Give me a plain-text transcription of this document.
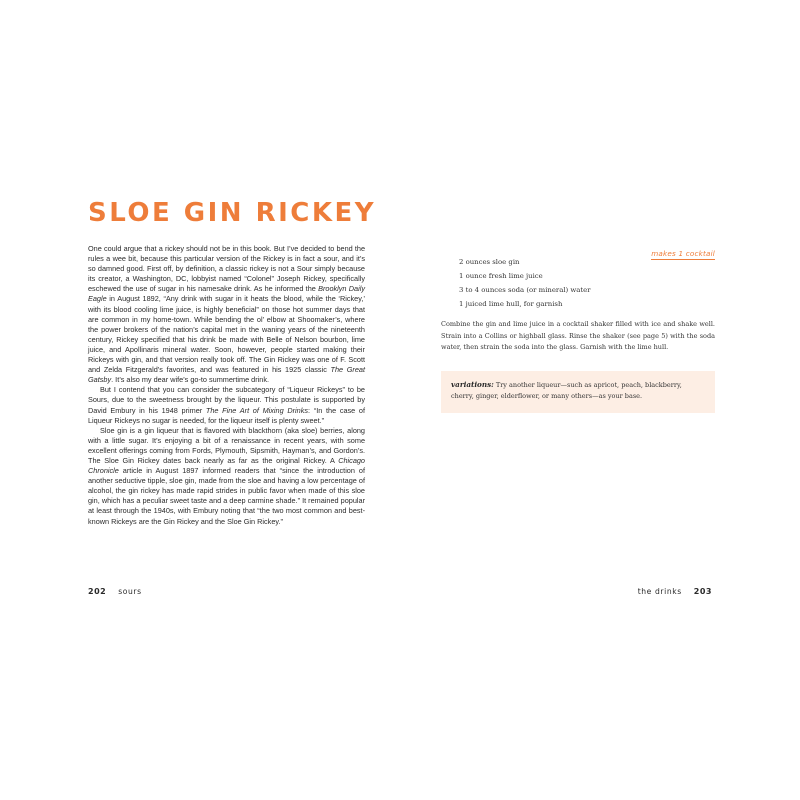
SLOE GIN RICKEY

One could argue that a rickey should not be in this book. But I’ve decided to bend the rules a wee bit, because this particular version of the Rickey is in fact a sour, and it’s so damned good. First off, by definition, a classic rickey is not a Sour simply because its creator, a Washington, DC, lobbyist named “Colonel” Joseph Rickey, specifically eschewed the use of sugar in his namesake drink. As he informed the Brooklyn Daily Eagle in August 1892, “Any drink with sugar in it heats the blood, while the ‘Rickey,’ with its blood cooling lime juice, is highly beneficial” on those hot summer days that are common in my home-town. While bending the ol’ elbow at Shoomaker’s, where the power brokers of the nation’s capital met in the waning years of the nineteenth century, Rickey specified that his drink be made with Belle of Nelson bourbon, lime juice, and Apollinaris mineral water. Soon, however, people started making their Rickeys with gin, and that version really took off. The Gin Rickey was one of F. Scott and Zelda Fitzgerald’s favorites, and was featured in his 1925 classic The Great Gatsby. It’s also my dear wife’s go-to summertime drink.

But I contend that you can consider the subcategory of “Liqueur Rickeys” to be Sours, due to the sweetness brought by the liqueur. This postulate is supported by David Embury in his 1948 primer The Fine Art of Mixing Drinks: “In the case of Liqueur Rickeys no sugar is needed, for the liqueur itself is plenty sweet.”

Sloe gin is a gin liqueur that is flavored with blackthorn (aka sloe) berries, along with a little sugar. It’s enjoying a bit of a renaissance in recent years, with some excellent offerings coming from Fords, Plymouth, Sipsmith, Hayman’s, and Gordon’s. The Sloe Gin Rickey dates back nearly as far as the original Rickey. A Chicago Chronicle article in August 1897 informed readers that “since the introduction of another seductive tipple, sloe gin, made from the sloe and having a low percentage of alcohol, the gin rickey has made rapid strides in public favor when made of this sloe gin, which has a peculiar sweet taste and a deep carmine shade.” It remained popular at least through the 1940s, with Embury noting that “the two most common and best-known Rickeys are the Gin Rickey and the Sloe Gin Rickey.”

makes 1 cocktail
2 ounces sloe gin
1 ounce fresh lime juice
3 to 4 ounces soda (or mineral) water
1 juiced lime hull, for garnish

Combine the gin and lime juice in a cocktail shaker filled with ice and shake well. Strain into a Collins or highball glass. Rinse the shaker (see page 5) with the soda water, then strain the soda into the glass. Garnish with the lime hull.

variations: Try another liqueur—such as apricot, peach, blackberry, cherry, ginger, elderflower, or many others—as your base.
202 sours	the drinks 203
